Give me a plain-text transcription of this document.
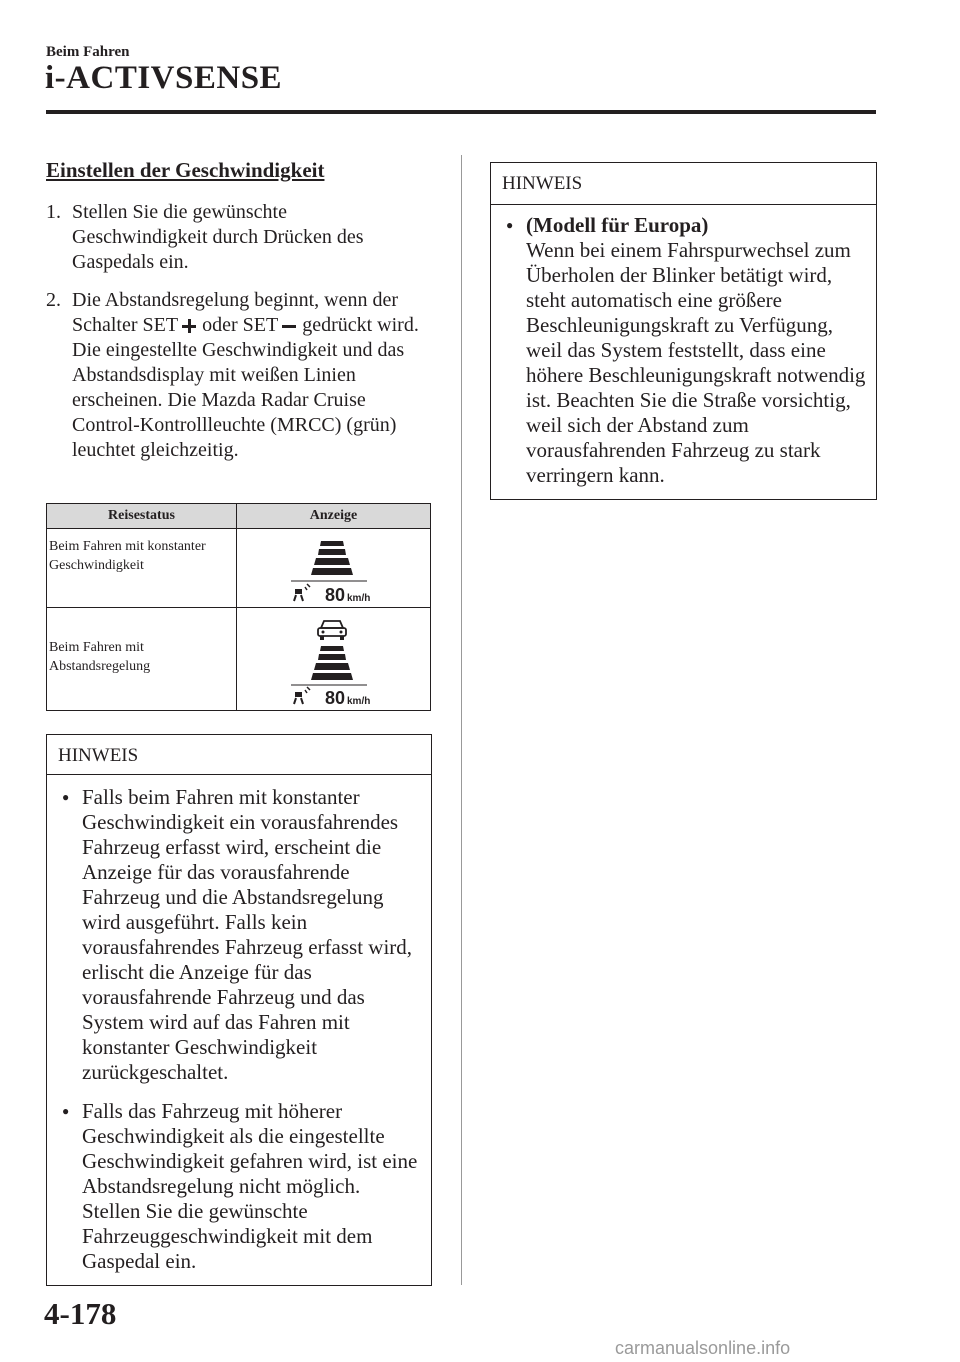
Beim Fahren
i-ACTIVSENSE
Einstellen der Geschwindigkeit
1. Stellen Sie die gewünschte Geschwindigkeit durch Drücken des Gaspedals ein.
2. Die Abstandsregelung beginnt, wenn der Schalter SET oder SET gedrückt wird. Die eingestellte Geschwindigkeit und das Abstandsdisplay mit weißen Linien erscheinen. Die Mazda Radar Cruise Control-Kontrollleuchte (MRCC) (grün) leuchtet gleichzeitig.
Reisestatus	Anzeige
Beim Fahren mit konstanter Geschwindigkeit	80 km/h

Beim Fahren mit Abstandsregelung	80 km/h
HINWEIS
● Falls beim Fahren mit konstanter Geschwindigkeit ein vorausfahrendes Fahrzeug erfasst wird, erscheint die Anzeige für das vorausfahrende Fahrzeug und die Abstandsregelung wird ausgeführt. Falls kein vorausfahrendes Fahrzeug erfasst wird, erlischt die Anzeige für das vorausfahrende Fahrzeug und das System wird auf das Fahren mit konstanter Geschwindigkeit zurückgeschaltet.
● Falls das Fahrzeug mit höherer Geschwindigkeit als die eingestellte Geschwindigkeit gefahren wird, ist eine Abstandsregelung nicht möglich. Stellen Sie die gewünschte Fahrzeuggeschwindigkeit mit dem Gaspedal ein.
HINWEIS
● (Modell für Europa)
Wenn bei einem Fahrspurwechsel zum Überholen der Blinker betätigt wird, steht automatisch eine größere Beschleunigungskraft zu Verfügung, weil das System feststellt, dass eine höhere Beschleunigungskraft notwendig ist. Beachten Sie die Straße vorsichtig, weil sich der Abstand zum vorausfahrenden Fahrzeug zu stark verringern kann.
4-178
carmanualsonline.info
